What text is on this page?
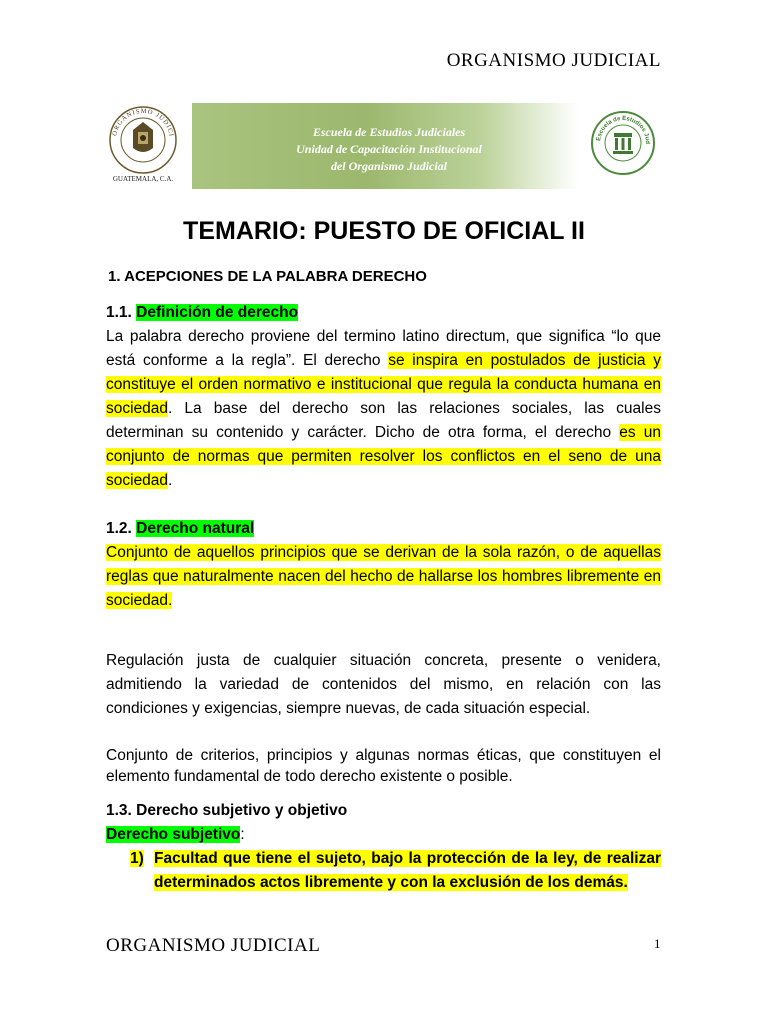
ORGANISMO JUDICIAL
ORGANISMO JUDICI
GUATEMALA, C.A.
Escuela de Estudios Judiciales
Unidad de Capacitación Institucional
del Organismo Judicial
Escuela de Estudios Jud
TEMARIO: PUESTO DE OFICIAL II
1. ACEPCIONES DE LA PALABRA DERECHO
1.1. Definición de derecho
La palabra derecho proviene del termino latino directum, que significa “lo que está conforme a la regla”. El derecho se inspira en postulados de justicia y constituye el orden normativo e institucional que regula la conducta humana en sociedad. La base del derecho son las relaciones sociales, las cuales determinan su contenido y carácter. Dicho de otra forma, el derecho es un conjunto de normas que permiten resolver los conflictos en el seno de una sociedad.
1.2. Derecho natural
Conjunto de aquellos principios que se derivan de la sola razón, o de aquellas reglas que naturalmente nacen del hecho de hallarse los hombres libremente en sociedad.
Regulación justa de cualquier situación concreta, presente o venidera, admitiendo la variedad de contenidos del mismo, en relación con las condiciones y exigencias, siempre nuevas, de cada situación especial.
Conjunto de criterios, principios y algunas normas éticas, que constituyen el elemento fundamental de todo derecho existente o posible.
1.3. Derecho subjetivo y objetivo
Derecho subjetivo:
1) Facultad que tiene el sujeto, bajo la protección de la ley, de realizar determinados actos libremente y con la exclusión de los demás.
ORGANISMO JUDICIAL	1
